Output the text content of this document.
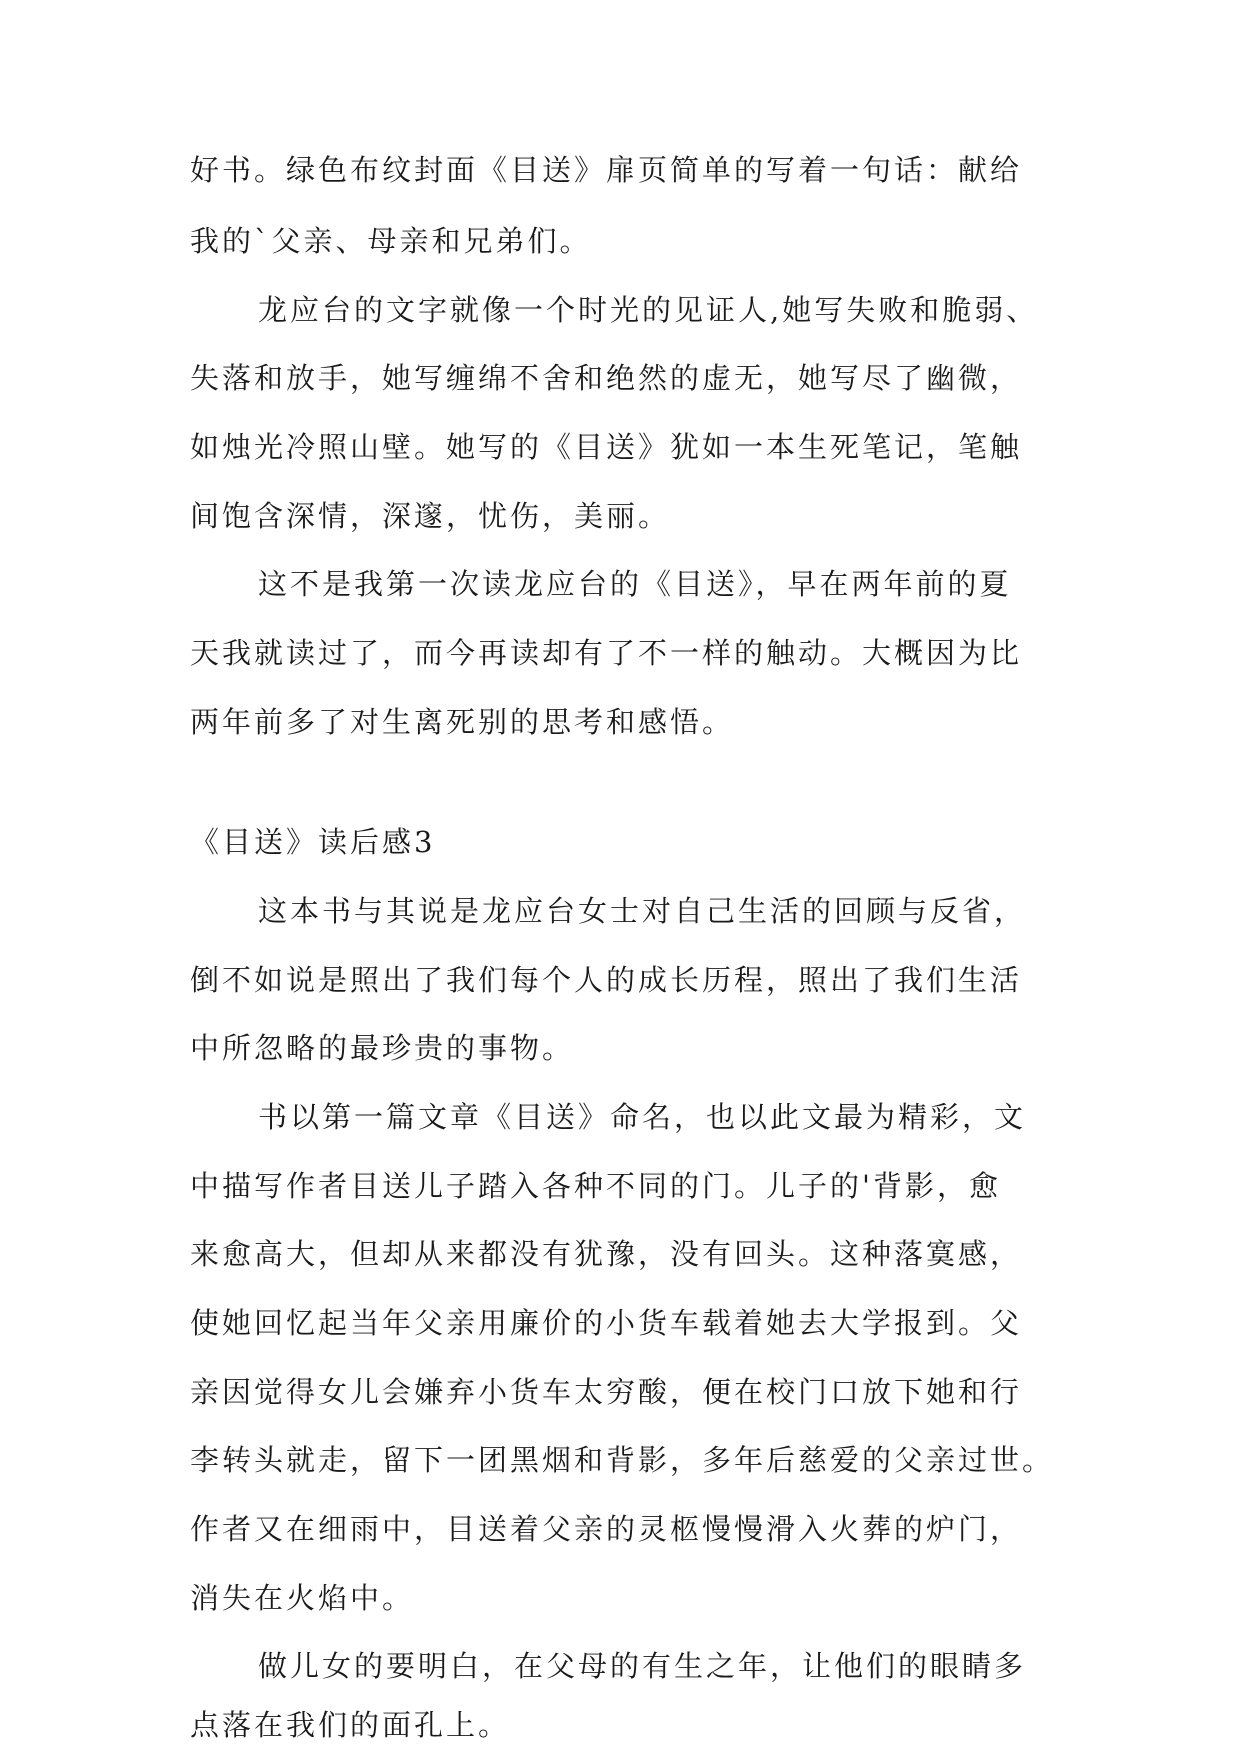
好书。绿色布纹封面《目送》扉页简单的写着一句话：献给
我的`父亲、母亲和兄弟们。
龙应台的文字就像一个时光的见证人,她写失败和脆弱、
失落和放手，她写缠绵不舍和绝然的虚无，她写尽了幽微，
如烛光冷照山壁。她写的《目送》犹如一本生死笔记，笔触
间饱含深情，深邃，忧伤，美丽。
这不是我第一次读龙应台的《目送》，早在两年前的夏
天我就读过了，而今再读却有了不一样的触动。大概因为比
两年前多了对生离死别的思考和感悟。
《目送》读后感3
这本书与其说是龙应台女士对自己生活的回顾与反省，
倒不如说是照出了我们每个人的成长历程，照出了我们生活
中所忽略的最珍贵的事物。
书以第一篇文章《目送》命名，也以此文最为精彩，文
中描写作者目送儿子踏入各种不同的门。儿子的'背影，愈
来愈高大，但却从来都没有犹豫，没有回头。这种落寞感，
使她回忆起当年父亲用廉价的小货车载着她去大学报到。父
亲因觉得女儿会嫌弃小货车太穷酸，便在校门口放下她和行
李转头就走，留下一团黑烟和背影，多年后慈爱的父亲过世。
作者又在细雨中，目送着父亲的灵柩慢慢滑入火葬的炉门，
消失在火焰中。
做儿女的要明白，在父母的有生之年，让他们的眼睛多
点落在我们的面孔上。
